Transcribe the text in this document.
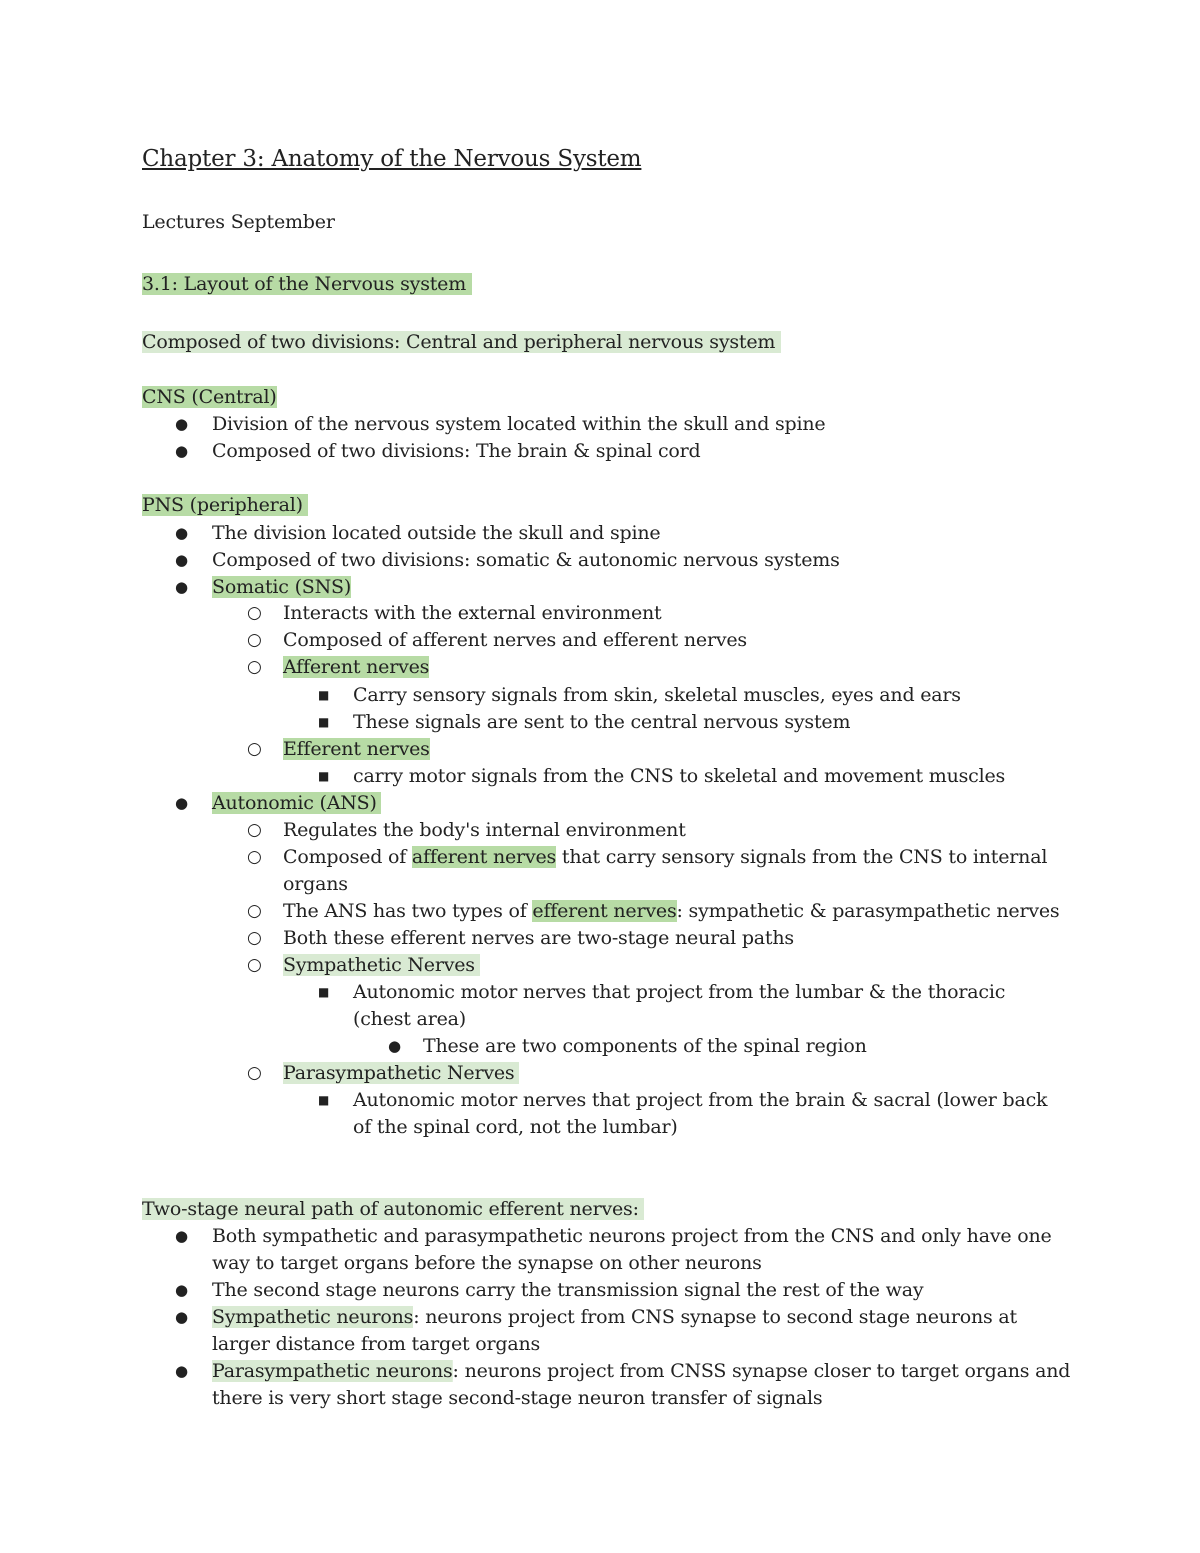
Chapter 3: Anatomy of the Nervous System
Lectures September
3.1: Layout of the Nervous system
Composed of two divisions: Central and peripheral nervous system
CNS (Central)
● Division of the nervous system located within the skull and spine
● Composed of two divisions: The brain & spinal cord
PNS (peripheral)
● The division located outside the skull and spine
● Composed of two divisions: somatic & autonomic nervous systems
● Somatic (SNS)
○ Interacts with the external environment
○ Composed of afferent nerves and efferent nerves
○ Afferent nerves
■ Carry sensory signals from skin, skeletal muscles, eyes and ears
■ These signals are sent to the central nervous system
○ Efferent nerves
■ carry motor signals from the CNS to skeletal and movement muscles
● Autonomic (ANS)
○ Regulates the body's internal environment
○ Composed of afferent nerves that carry sensory signals from the CNS to internal
organs
○ The ANS has two types of efferent nerves: sympathetic & parasympathetic nerves
○ Both these efferent nerves are two-stage neural paths
○ Sympathetic Nerves
■ Autonomic motor nerves that project from the lumbar & the thoracic
(chest area)
● These are two components of the spinal region
○ Parasympathetic Nerves
■ Autonomic motor nerves that project from the brain & sacral (lower back
of the spinal cord, not the lumbar)
Two-stage neural path of autonomic efferent nerves:
● Both sympathetic and parasympathetic neurons project from the CNS and only have one
way to target organs before the synapse on other neurons
● The second stage neurons carry the transmission signal the rest of the way
● Sympathetic neurons: neurons project from CNS synapse to second stage neurons at
larger distance from target organs
● Parasympathetic neurons: neurons project from CNSS synapse closer to target organs and
there is very short stage second-stage neuron transfer of signals
